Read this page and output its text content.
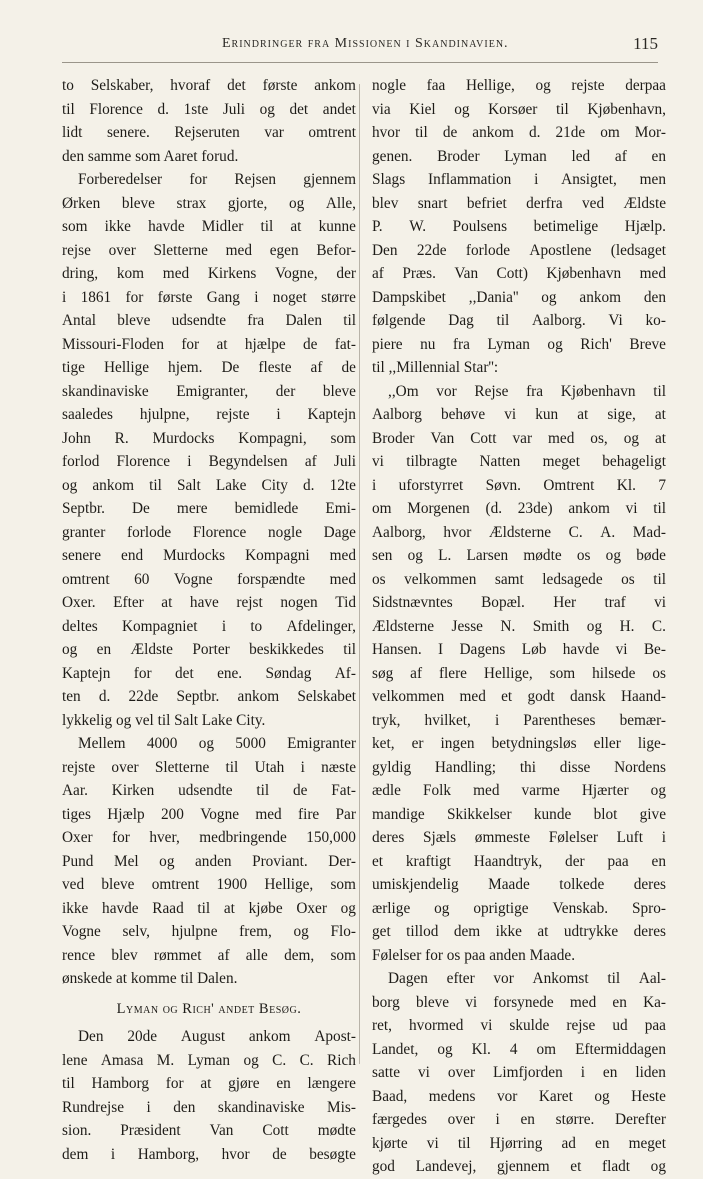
Erindringer fra Missionen i Skandinavien.	115
to Selskaber, hvoraf det første ankom
til Florence d. 1ste Juli og det andet
lidt senere. Rejseruten var omtrent
den samme som Aaret forud.
Forberedelser for Rejsen gjennem
Ørken bleve strax gjorte, og Alle,
som ikke havde Midler til at kunne
rejse over Sletterne med egen Befor-
dring, kom med Kirkens Vogne, der
i 1861 for første Gang i noget større
Antal bleve udsendte fra Dalen til
Missouri-Floden for at hjælpe de fat-
tige Hellige hjem. De fleste af de
skandinaviske Emigranter, der bleve
saaledes hjulpne, rejste i Kaptejn
John R. Murdocks Kompagni, som
forlod Florence i Begyndelsen af Juli
og ankom til Salt Lake City d. 12te
Septbr. De mere bemidlede Emi-
granter forlode Florence nogle Dage
senere end Murdocks Kompagni med
omtrent 60 Vogne forspændte med
Oxer. Efter at have rejst nogen Tid
deltes Kompagniet i to Afdelinger,
og en Ældste Porter beskikkedes til
Kaptejn for det ene. Søndag Af-
ten d. 22de Septbr. ankom Selskabet
lykkelig og vel til Salt Lake City.
Mellem 4000 og 5000 Emigranter
rejste over Sletterne til Utah i næste
Aar. Kirken udsendte til de Fat-
tiges Hjælp 200 Vogne med fire Par
Oxer for hver, medbringende 150,000
Pund Mel og anden Proviant. Der-
ved bleve omtrent 1900 Hellige, som
ikke havde Raad til at kjøbe Oxer og
Vogne selv, hjulpne frem, og Flo-
rence blev rømmet af alle dem, som
ønskede at komme til Dalen.
Lyman og Rich' andet Besøg.
Den 20de August ankom Apost-
lene Amasa M. Lyman og C. C. Rich
til Hamborg for at gjøre en længere
Rundrejse i den skandinaviske Mis-
sion. Præsident Van Cott mødte
dem i Hamborg, hvor de besøgte
nogle faa Hellige, og rejste derpaa
via Kiel og Korsøer til Kjøbenhavn,
hvor til de ankom d. 21de om Mor-
genen. Broder Lyman led af en
Slags Inflammation i Ansigtet, men
blev snart befriet derfra ved Ældste
P. W. Poulsens betimelige Hjælp.
Den 22de forlode Apostlene (ledsaget
af Præs. Van Cott) Kjøbenhavn med
Dampskibet ,,Dania'' og ankom den
følgende Dag til Aalborg. Vi ko-
piere nu fra Lyman og Rich' Breve
til ,,Millennial Star'':
,,Om vor Rejse fra Kjøbenhavn til
Aalborg behøve vi kun at sige, at
Broder Van Cott var med os, og at
vi tilbragte Natten meget behageligt
i uforstyrret Søvn. Omtrent Kl. 7
om Morgenen (d. 23de) ankom vi til
Aalborg, hvor Ældsterne C. A. Mad-
sen og L. Larsen mødte os og bøde
os velkommen samt ledsagede os til
Sidstnævntes Bopæl. Her traf vi
Ældsterne Jesse N. Smith og H. C.
Hansen. I Dagens Løb havde vi Be-
søg af flere Hellige, som hilsede os
velkommen med et godt dansk Haand-
tryk, hvilket, i Parentheses bemær-
ket, er ingen betydningsløs eller lige-
gyldig Handling; thi disse Nordens
ædle Folk med varme Hjærter og
mandige Skikkelser kunde blot give
deres Sjæls ømmeste Følelser Luft i
et kraftigt Haandtryk, der paa en
umiskjendelig Maade tolkede deres
ærlige og oprigtige Venskab. Spro-
get tillod dem ikke at udtrykke deres
Følelser for os paa anden Maade.
Dagen efter vor Ankomst til Aal-
borg bleve vi forsynede med en Ka-
ret, hvormed vi skulde rejse ud paa
Landet, og Kl. 4 om Eftermiddagen
satte vi over Limfjorden i en liden
Baad, medens vor Karet og Heste
færgedes over i en større. Derefter
kjørte vi til Hjørring ad en meget
god Landevej, gjennem et fladt og
